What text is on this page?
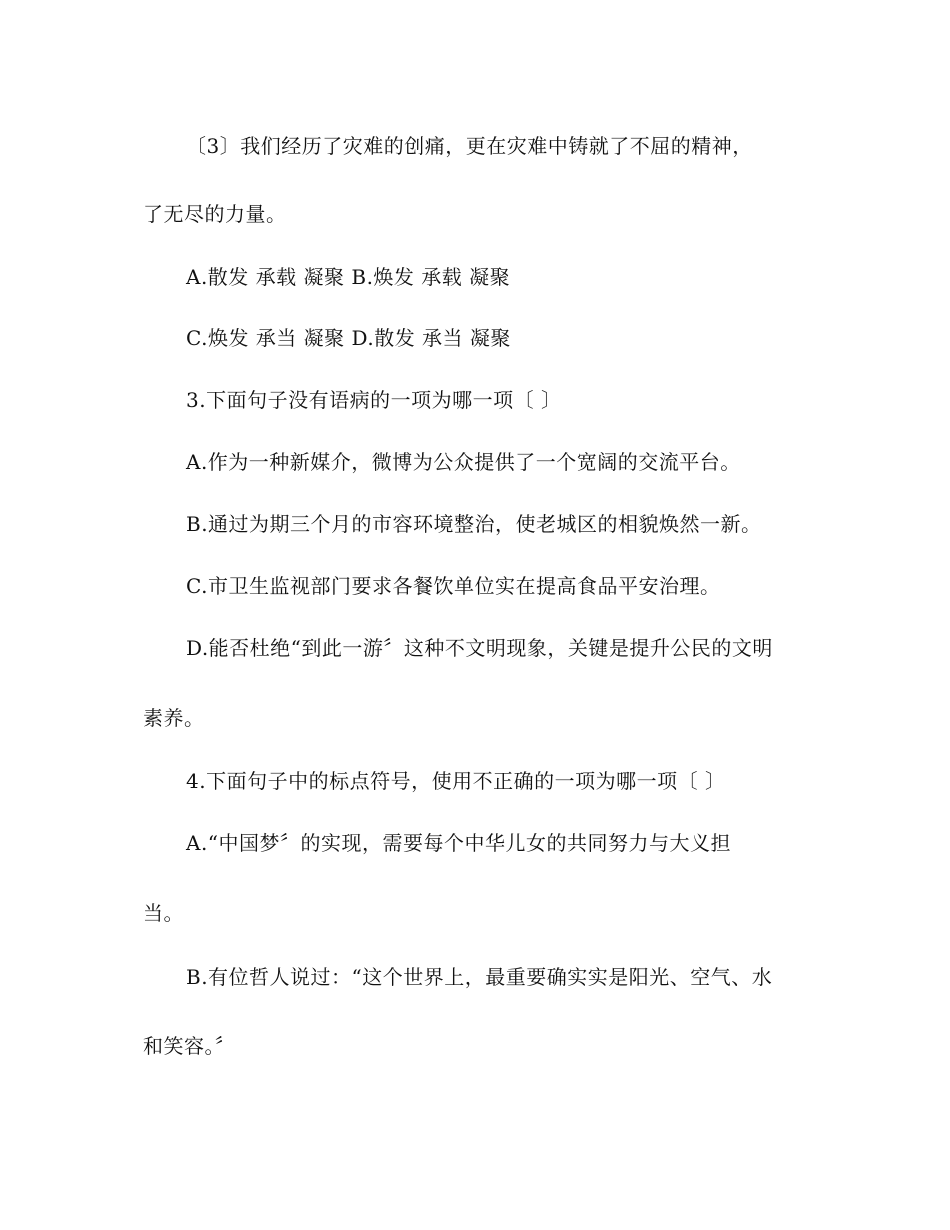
〔3〕我们经历了灾难的创痛，更在灾难中铸就了不屈的精神，
了无尽的力量。
A.散发 承载 凝聚 B.焕发 承载 凝聚
C.焕发 承当 凝聚 D.散发 承当 凝聚
3.下面句子没有语病的一项为哪一项〔 〕
A.作为一种新媒介，微博为公众提供了一个宽阔的交流平台。
B.通过为期三个月的市容环境整治，使老城区的相貌焕然一新。
C.市卫生监视部门要求各餐饮单位实在提高食品平安治理。
D.能否杜绝“到此一游〞这种不文明现象，关键是提升公民的文明
素养。
4.下面句子中的标点符号，使用不正确的一项为哪一项〔 〕
A.“中国梦〞的实现，需要每个中华儿女的共同努力与大义担
当。
B.有位哲人说过：“这个世界上，最重要确实实是阳光、空气、水
和笑容。〞
